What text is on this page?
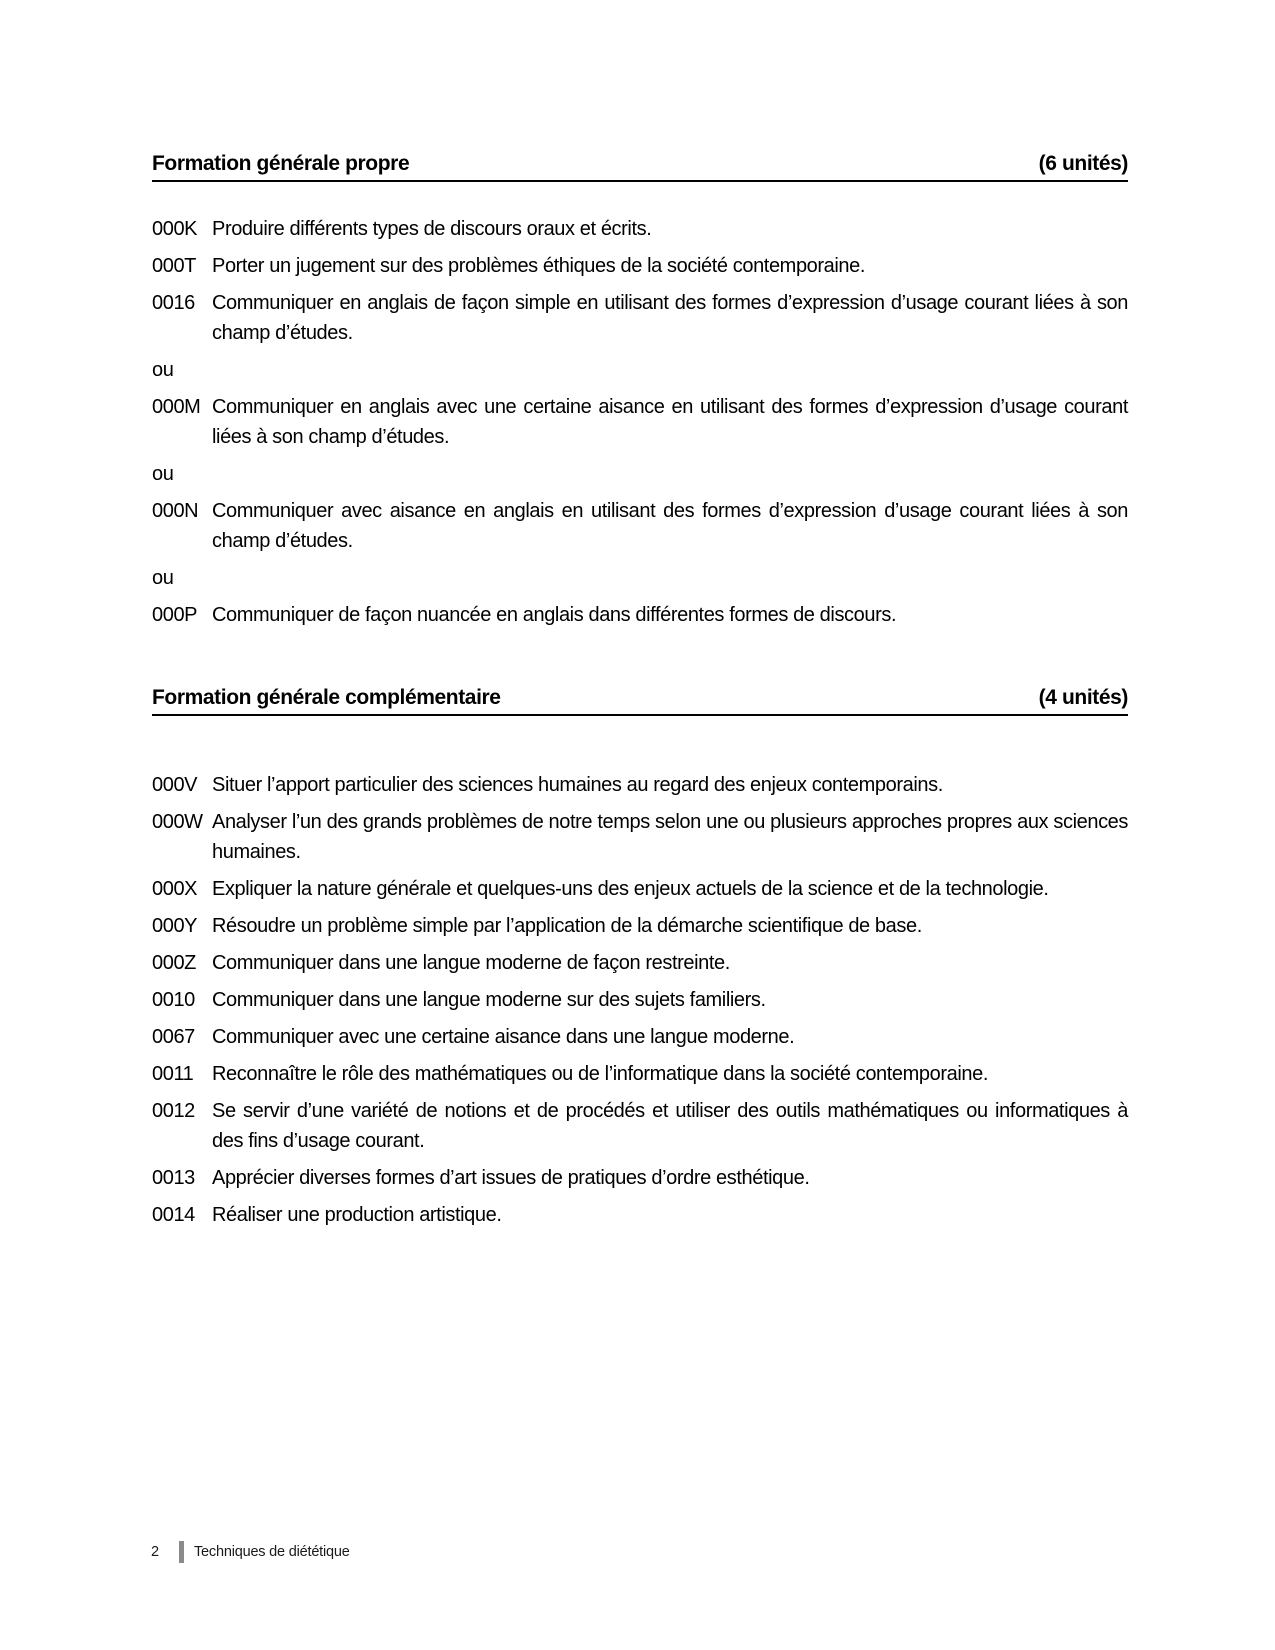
Formation générale propre	(6 unités)
000K Produire différents types de discours oraux et écrits.
000T Porter un jugement sur des problèmes éthiques de la société contemporaine.
0016 Communiquer en anglais de façon simple en utilisant des formes d’expression d’usage courant liées à son champ d’études.
ou
000M Communiquer en anglais avec une certaine aisance en utilisant des formes d’expression d’usage courant liées à son champ d’études.
ou
000N Communiquer avec aisance en anglais en utilisant des formes d’expression d’usage courant liées à son champ d’études.
ou
000P Communiquer de façon nuancée en anglais dans différentes formes de discours.
Formation générale complémentaire	(4 unités)
000V Situer l’apport particulier des sciences humaines au regard des enjeux contemporains.
000W Analyser l’un des grands problèmes de notre temps selon une ou plusieurs approches propres aux sciences humaines.
000X Expliquer la nature générale et quelques-uns des enjeux actuels de la science et de la technologie.
000Y Résoudre un problème simple par l’application de la démarche scientifique de base.
000Z Communiquer dans une langue moderne de façon restreinte.
0010 Communiquer dans une langue moderne sur des sujets familiers.
0067 Communiquer avec une certaine aisance dans une langue moderne.
0011 Reconnaître le rôle des mathématiques ou de l’informatique dans la société contemporaine.
0012 Se servir d’une variété de notions et de procédés et utiliser des outils mathématiques ou informatiques à des fins d’usage courant.
0013 Apprécier diverses formes d’art issues de pratiques d’ordre esthétique.
0014 Réaliser une production artistique.
2	Techniques de diététique
